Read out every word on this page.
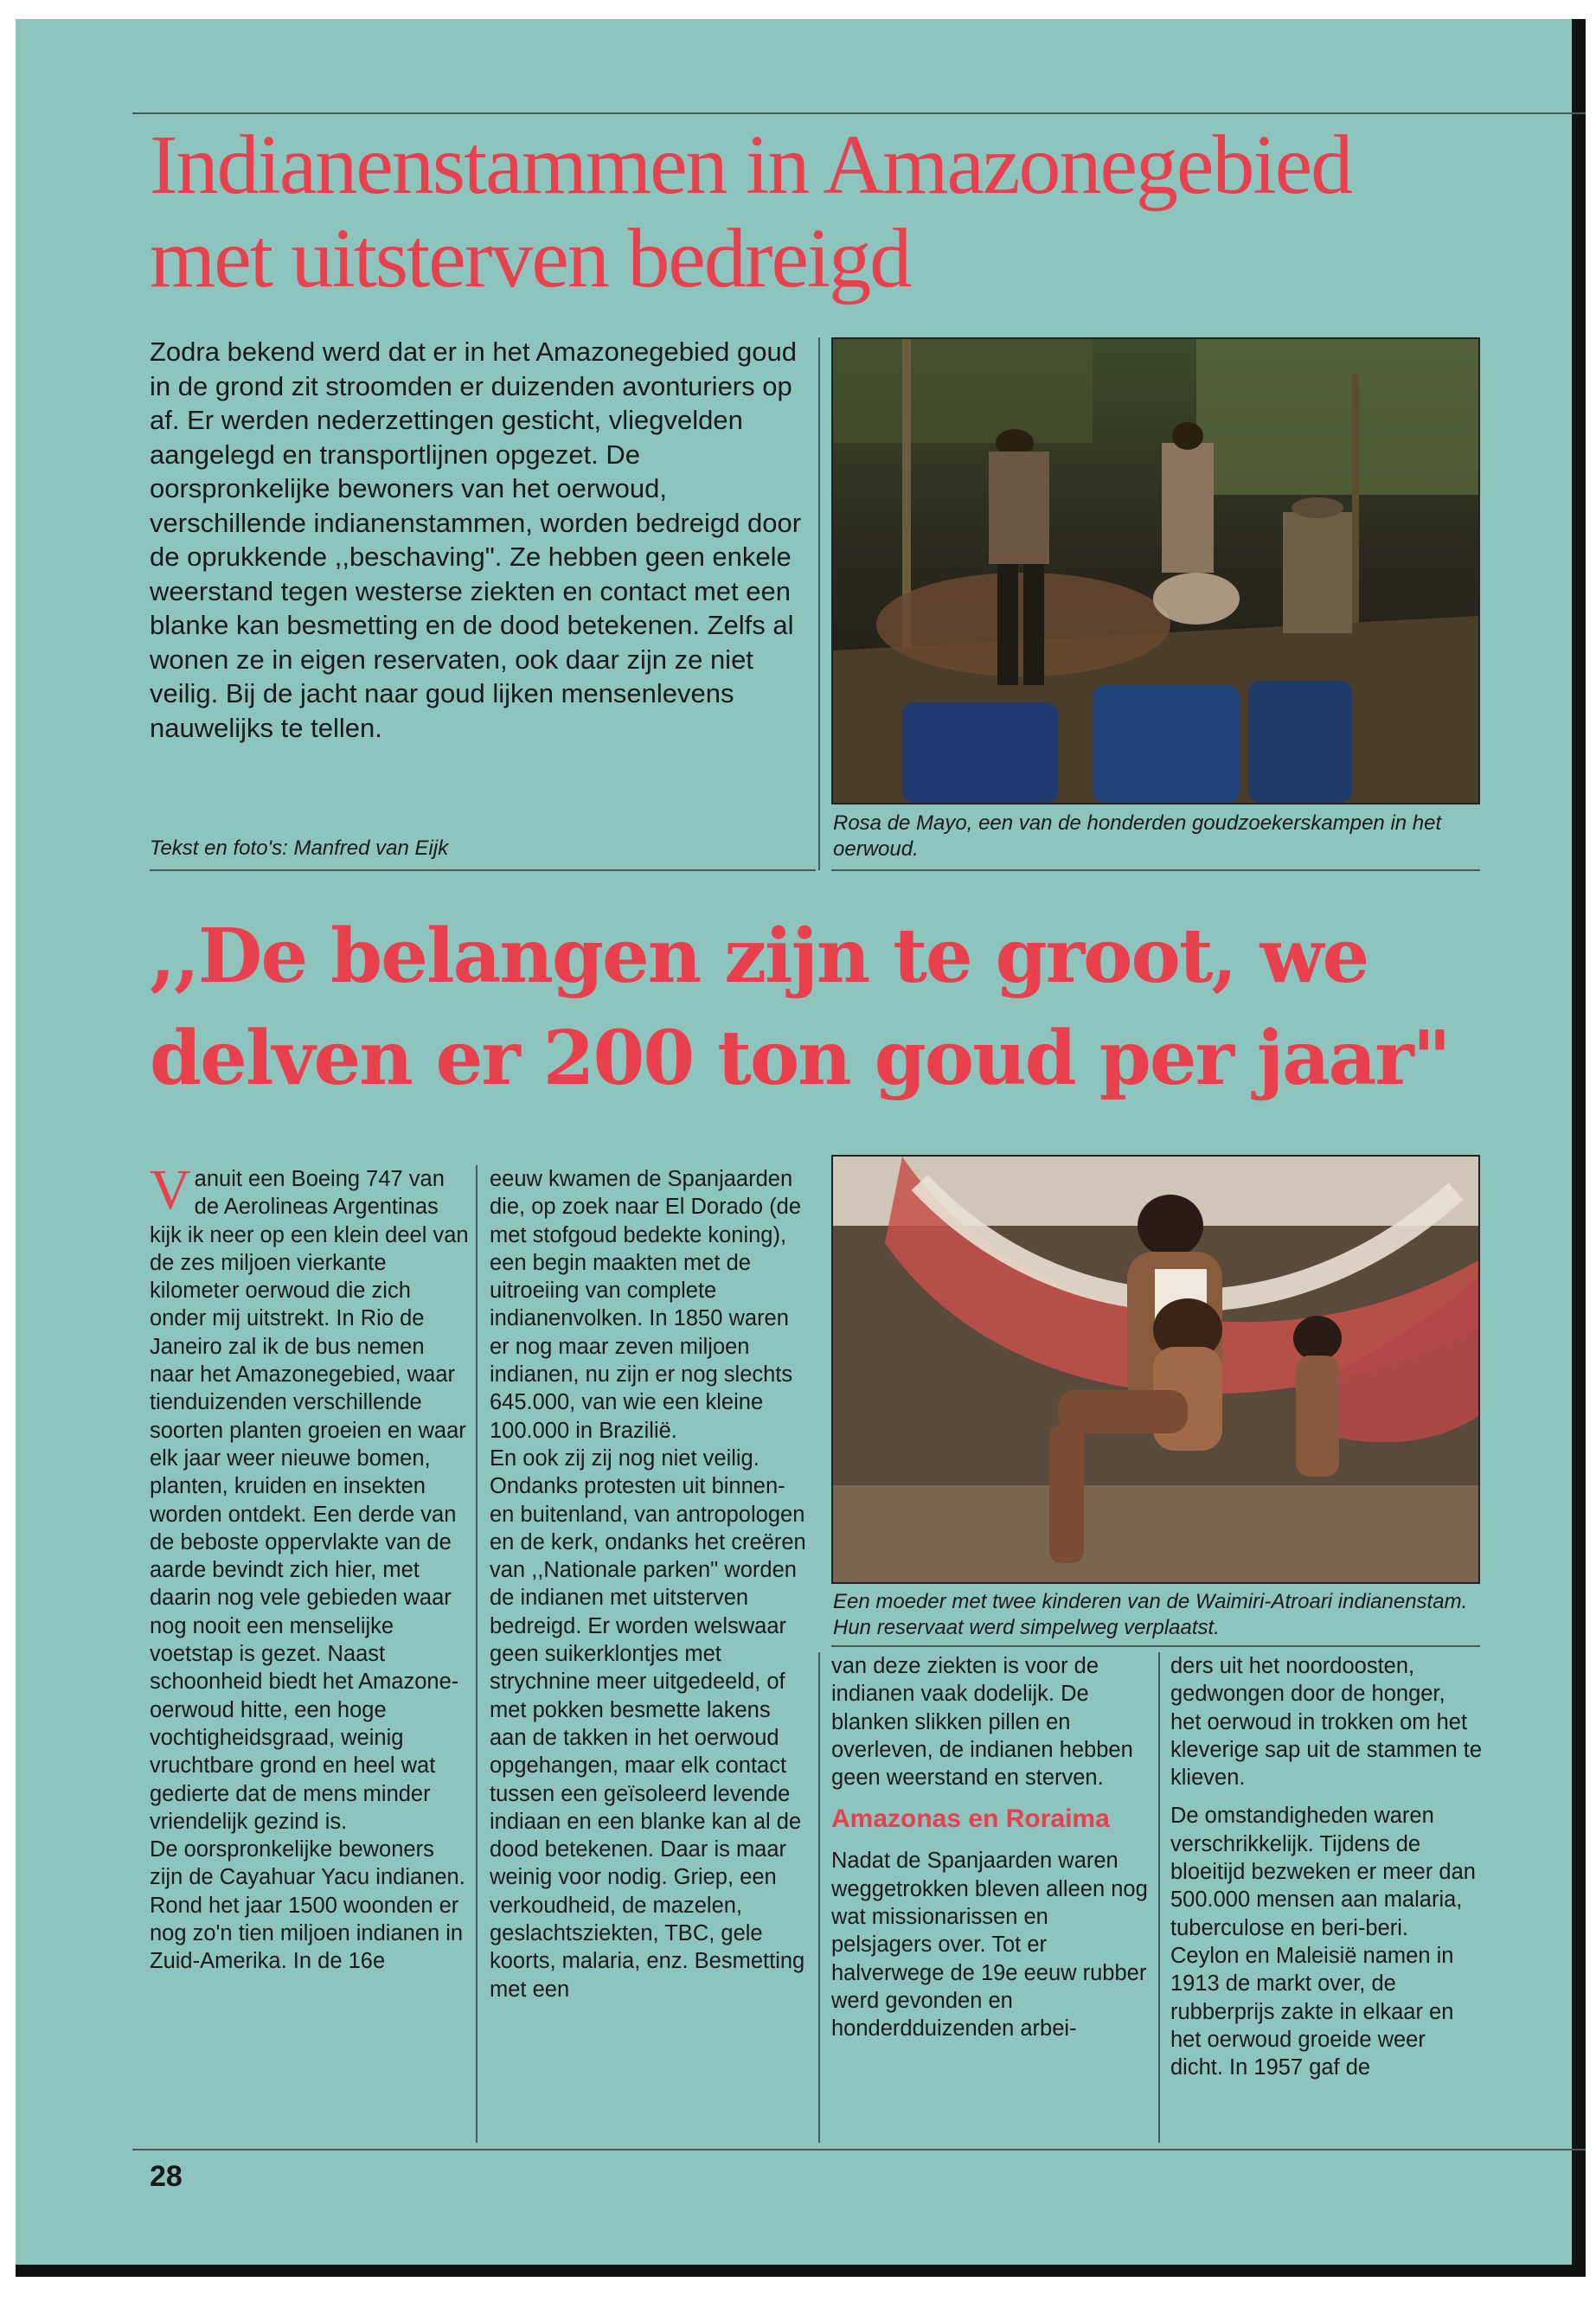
Indianenstammen in Amazonegebied
met uitsterven bedreigd
Zodra bekend werd dat er in het Amazonegebied goud in de grond zit stroomden er duizenden avonturiers op af. Er werden nederzettingen gesticht, vliegvelden aangelegd en transportlijnen opgezet. De oorspronkelijke bewoners van het oerwoud, verschillende indianenstammen, worden bedreigd door de oprukkende ,,beschaving". Ze hebben geen enkele weerstand tegen westerse ziekten en contact met een blanke kan besmetting en de dood betekenen. Zelfs al wonen ze in eigen reservaten, ook daar zijn ze niet veilig. Bij de jacht naar goud lijken mensenlevens nauwelijks te tellen.
Tekst en foto's: Manfred van Eijk
Rosa de Mayo, een van de honderden goudzoekerskampen in het oerwoud.
,,De belangen zijn te groot, we
delven er 200 ton goud per jaar"

Vanuit een Boeing 747 van de Aerolineas Argentinas kijk ik neer op een klein deel van de zes miljoen vierkante kilometer oerwoud die zich onder mij uitstrekt. In Rio de Janeiro zal ik de bus nemen naar het Amazonegebied, waar tienduizenden verschillende soorten planten groeien en waar elk jaar weer nieuwe bomen, planten, kruiden en insekten worden ontdekt. Een derde van de beboste oppervlakte van de aarde bevindt zich hier, met daarin nog vele gebieden waar nog nooit een menselijke voetstap is gezet. Naast schoonheid biedt het Amazone-oerwoud hitte, een hoge vochtigheidsgraad, weinig vruchtbare grond en heel wat gedierte dat de mens minder vriendelijk gezind is.

De oorspronkelijke bewoners zijn de Cayahuar Yacu indianen. Rond het jaar 1500 woonden er nog zo'n tien miljoen indianen in Zuid-Amerika. In de 16e

eeuw kwamen de Spanjaarden die, op zoek naar El Dorado (de met stofgoud bedekte koning), een begin maakten met de uitroeiing van complete indianenvolken. In 1850 waren er nog maar zeven miljoen indianen, nu zijn er nog slechts 645.000, van wie een kleine 100.000 in Brazilië.

En ook zij zij nog niet veilig. Ondanks protesten uit binnen- en buitenland, van antropologen en de kerk, ondanks het creëren van ,,Nationale parken" worden de indianen met uitsterven bedreigd. Er worden welswaar geen suikerklontjes met strychnine meer uitgedeeld, of met pokken besmette lakens aan de takken in het oerwoud opgehangen, maar elk contact tussen een geïsoleerd levende indiaan en een blanke kan al de dood betekenen. Daar is maar weinig voor nodig. Griep, een verkoudheid, de mazelen, geslachtsziekten, TBC, gele koorts, malaria, enz. Besmetting met een

Een moeder met twee kinderen van de Waimiri-Atroari indianenstam. Hun reservaat werd simpelweg verplaatst.

van deze ziekten is voor de indianen vaak dodelijk. De blanken slikken pillen en overleven, de indianen hebben geen weerstand en sterven.

Amazonas en Roraima

Nadat de Spanjaarden waren weggetrokken bleven alleen nog wat missionarissen en pelsjagers over. Tot er halverwege de 19e eeuw rubber werd gevonden en honderdduizenden arbei-

ders uit het noordoosten, gedwongen door de honger, het oerwoud in trokken om het kleverige sap uit de stammen te klieven.

De omstandigheden waren verschrikkelijk. Tijdens de bloeitijd bezweken er meer dan 500.000 mensen aan malaria, tuberculose en beri-beri.

Ceylon en Maleisië namen in 1913 de markt over, de rubberprijs zakte in elkaar en het oerwoud groeide weer dicht. In 1957 gaf de

28
